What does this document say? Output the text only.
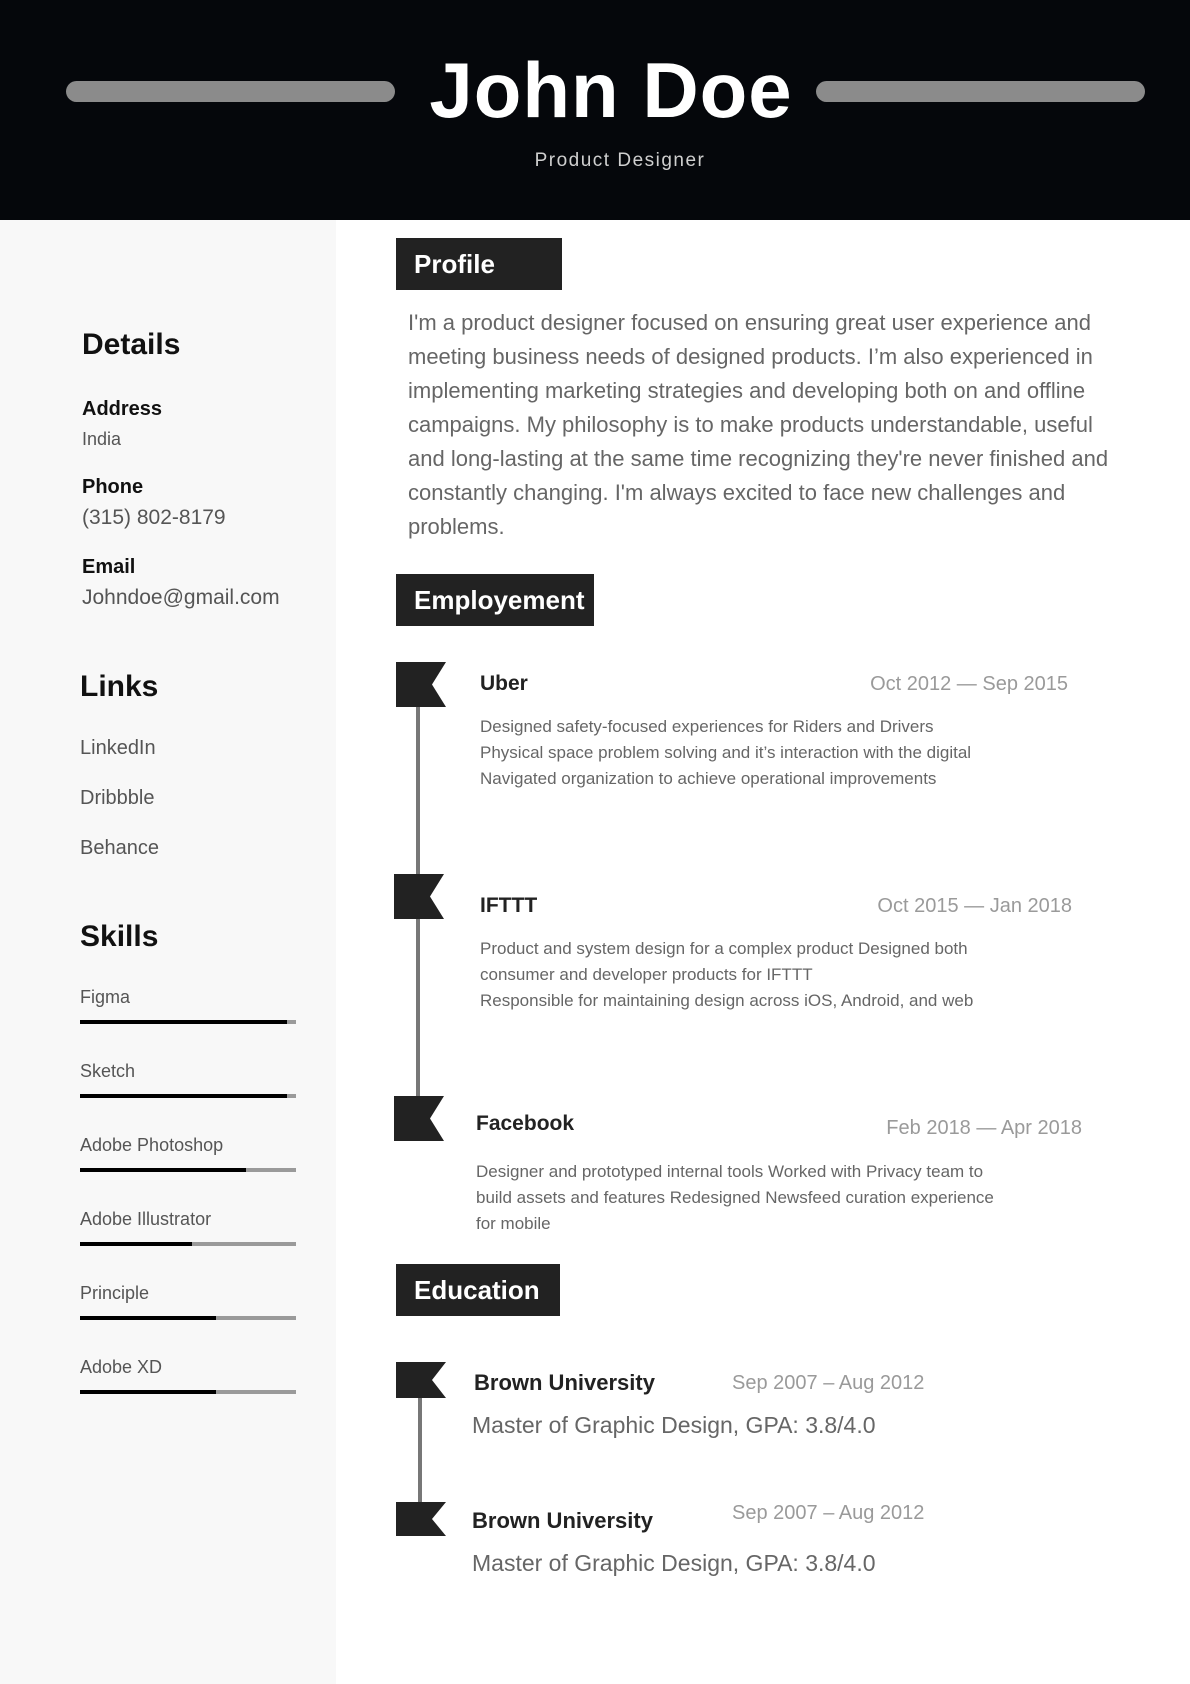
John Doe
Product Designer
Details
Address
India
Phone
(315) 802-8179
Email
Johndoe@gmail.com
Links
LinkedIn
Dribbble
Behance
Skills
Figma
Sketch
Adobe Photoshop
Adobe Illustrator
Principle
Adobe XD
Profile
I'm a product designer focused on ensuring great user experience and meeting business needs of designed products. I’m also experienced in implementing marketing strategies and developing both on and offline campaigns. My philosophy is to make products understandable, useful and long-lasting at the same time recognizing they're never finished and constantly changing. I'm always excited to face new challenges and problems.
Employement
Uber	Oct 2012 — Sep 2015
Designed safety-focused experiences for Riders and Drivers
Physical space problem solving and it’s interaction with the digital
Navigated organization to achieve operational improvements
IFTTT	Oct 2015 — Jan 2018
Product and system design for a complex product Designed both
consumer and developer products for IFTTT
Responsible for maintaining design across iOS, Android, and web
Facebook	Feb 2018 — Apr 2018
Designer and prototyped internal tools Worked with Privacy team to
build assets and features Redesigned Newsfeed curation experience
for mobile
Education
Brown University	Sep 2007 – Aug 2012
Master of Graphic Design, GPA: 3.8/4.0
Brown University	Sep 2007 – Aug 2012
Master of Graphic Design, GPA: 3.8/4.0
